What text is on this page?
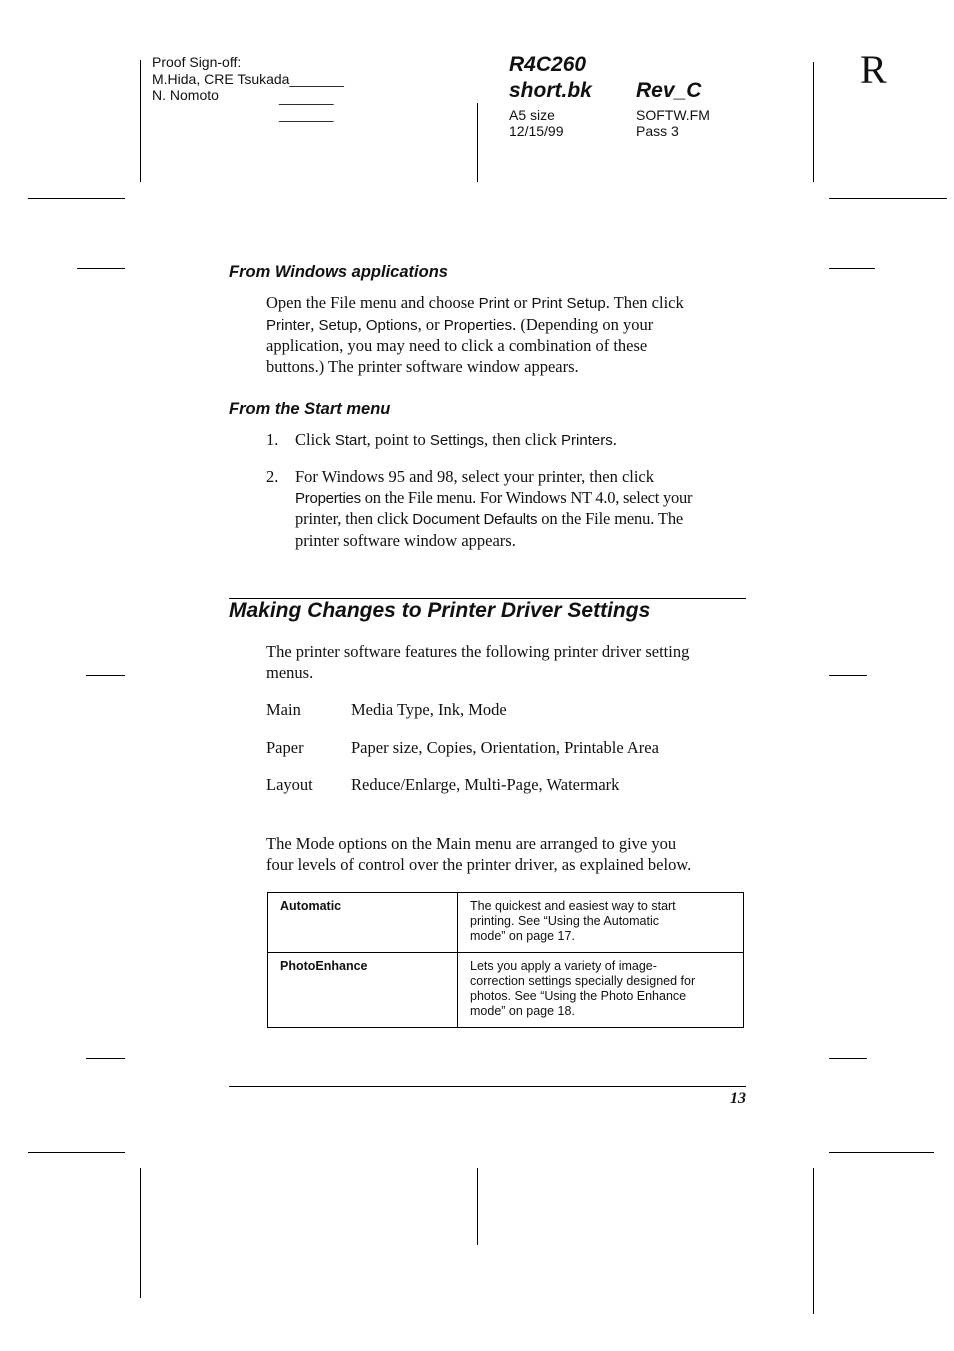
Proof Sign-off:
M.Hida, CRE Tsukada_______
N. Nomoto	_______
_______
R4C260
short.bk Rev_C
A5 size
12/15/99
SOFTW.FM
Pass 3
R
From Windows applications
Open the File menu and choose Print or Print Setup. Then click
Printer, Setup, Options, or Properties. (Depending on your
application, you may need to click a combination of these
buttons.) The printer software window appears.
From the Start menu
1. Click Start, point to Settings, then click Printers.
2. For Windows 95 and 98, select your printer, then click
Properties on the File menu. For Windows NT 4.0, select your
printer, then click Document Defaults on the File menu. The
printer software window appears.
Making Changes to Printer Driver Settings
The printer software features the following printer driver setting
menus.
Main	Media Type, Ink, Mode
Paper	Paper size, Copies, Orientation, Printable Area
Layout Reduce/Enlarge, Multi-Page, Watermark
The Mode options on the Main menu are arranged to give you
four levels of control over the printer driver, as explained below.
Automatic	The quickest and easiest way to start
printing. See “Using the Automatic
mode” on page 17.

PhotoEnhance	Lets you apply a variety of image-
correction settings specially designed for
photos. See “Using the Photo Enhance
mode” on page 18.
13
